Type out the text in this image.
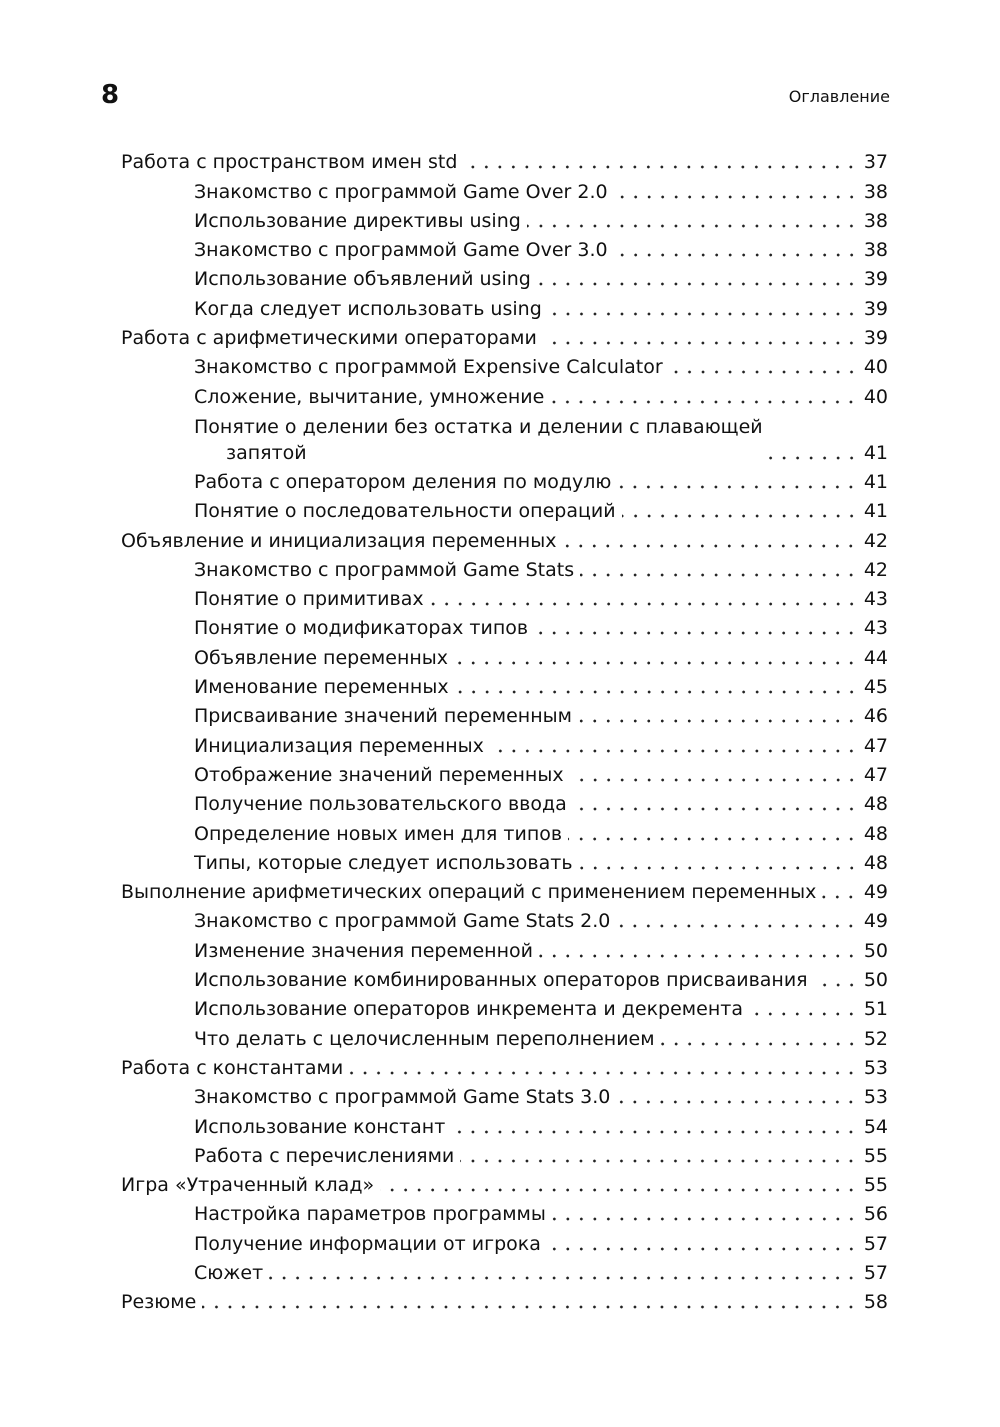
8	Оглавление
Работа с пространством имен std	37
Знакомство с программой Game Over 2.0	38
Использование директивы using	38
Знакомство с программой Game Over 3.0	38
Использование объявлений using	39
Когда следует использовать using	39
Работа с арифметическими операторами	39
Знакомство с программой Expensive Calculator	40
Сложение, вычитание, умножение	40
Понятие о делении без остатка и делении с плавающей
запятой	41
Работа с оператором деления по модулю	41
Понятие о последовательности операций	41
Объявление и инициализация переменных	42
Знакомство с программой Game Stats	42
Понятие о примитивах	43
Понятие о модификаторах типов	43
Объявление переменных	44
Именование переменных	45
Присваивание значений переменным	46
Инициализация переменных	47
Отображение значений переменных	47
Получение пользовательского ввода	48
Определение новых имен для типов	48
Типы, которые следует использовать	48
Выполнение арифметических операций с применением переменных 49
Знакомство с программой Game Stats 2.0	49
Изменение значения переменной	50
Использование комбинированных операторов присваивания	50
Использование операторов инкремента и декремента	51
Что делать с целочисленным переполнением	52
Работа с константами	53
Знакомство с программой Game Stats 3.0	53
Использование констант	54
Работа с перечислениями	55
Игра «Утраченный клад»	55
Настройка параметров программы	56
Получение информации от игрока	57
Сюжет	57
Резюме	58
